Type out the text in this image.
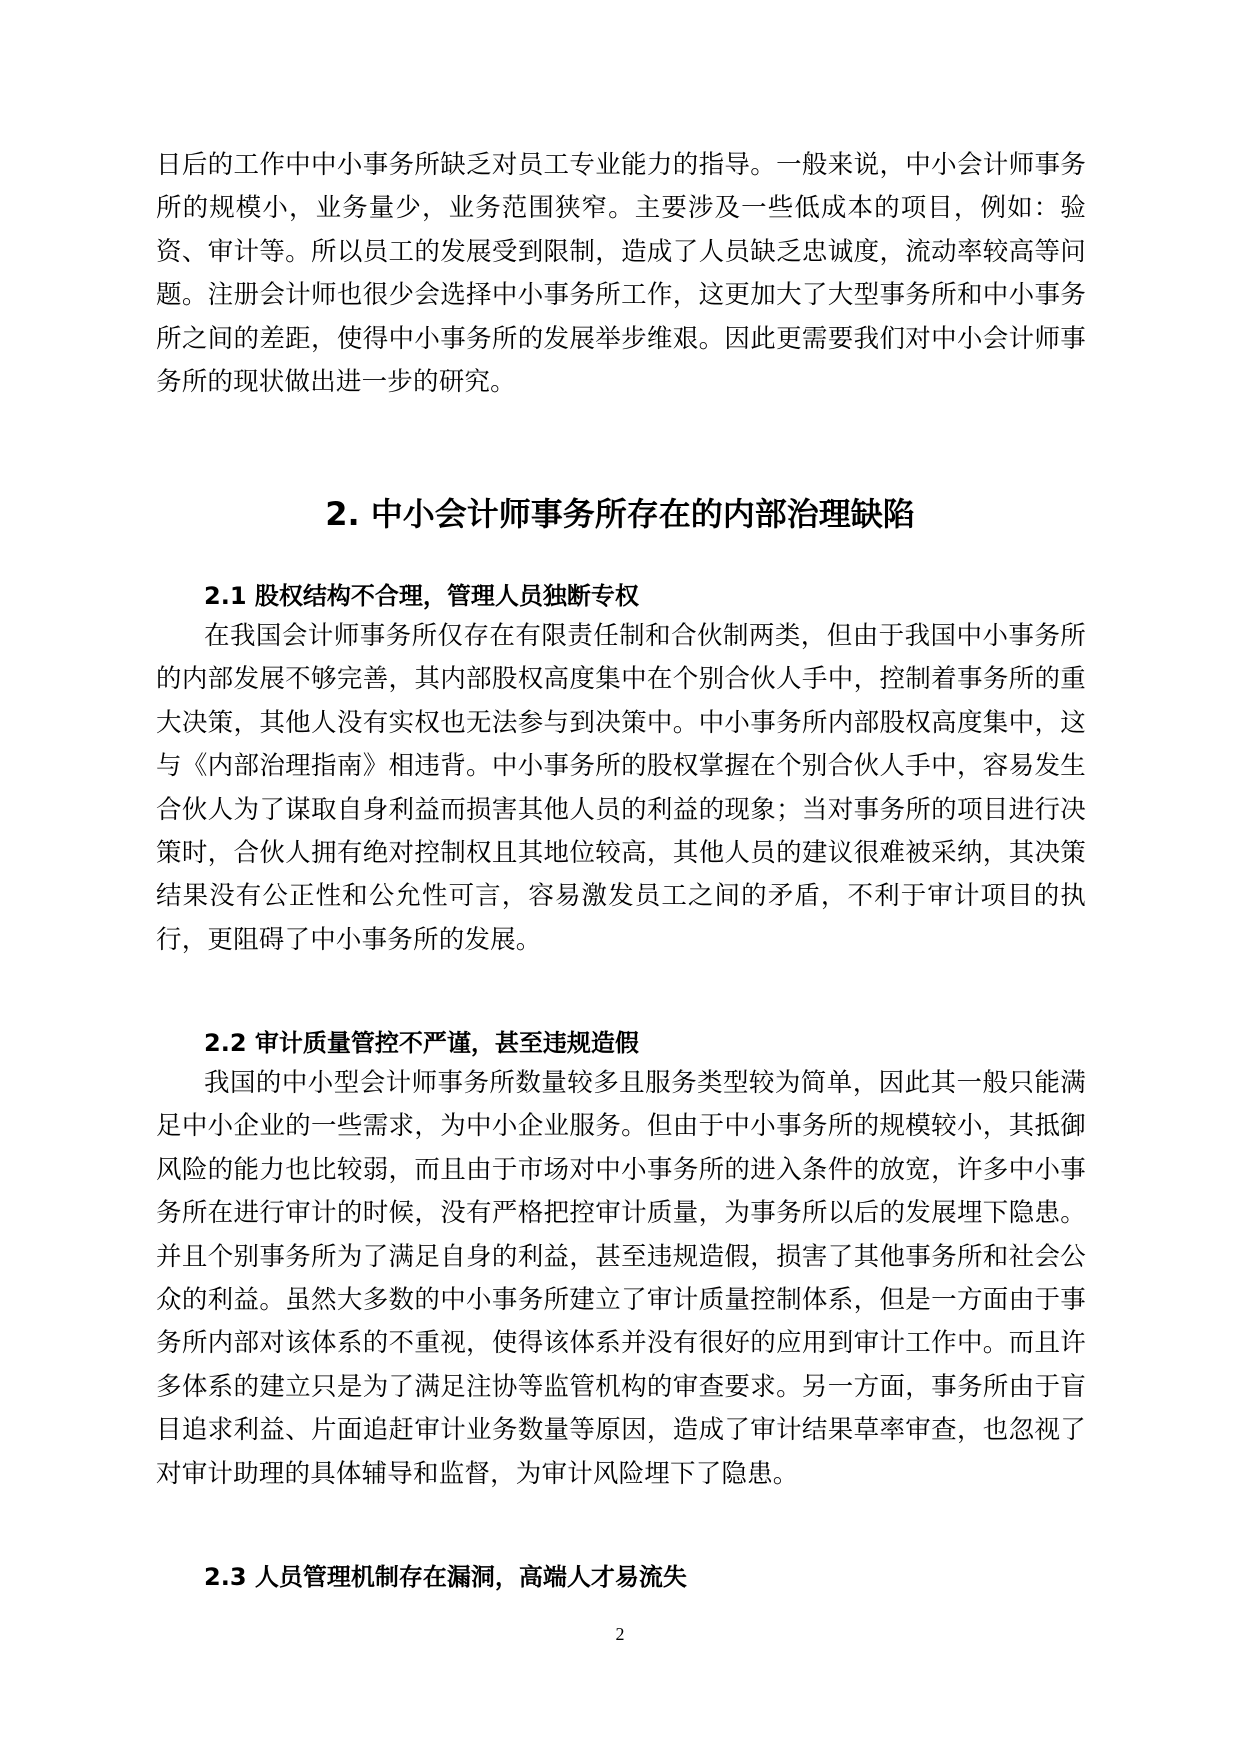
日后的工作中中小事务所缺乏对员工专业能力的指导。一般来说，中小会计师事务所的规模小，业务量少，业务范围狭窄。主要涉及一些低成本的项目，例如：验资、审计等。所以员工的发展受到限制，造成了人员缺乏忠诚度，流动率较高等问题。注册会计师也很少会选择中小事务所工作，这更加大了大型事务所和中小事务所之间的差距，使得中小事务所的发展举步维艰。因此更需要我们对中小会计师事务所的现状做出进一步的研究。

2. 中小会计师事务所存在的内部治理缺陷
2.1 股权结构不合理，管理人员独断专权

在我国会计师事务所仅存在有限责任制和合伙制两类，但由于我国中小事务所的内部发展不够完善，其内部股权高度集中在个别合伙人手中，控制着事务所的重大决策，其他人没有实权也无法参与到决策中。中小事务所内部股权高度集中，这与《内部治理指南》相违背。中小事务所的股权掌握在个别合伙人手中，容易发生合伙人为了谋取自身利益而损害其他人员的利益的现象；当对事务所的项目进行决策时，合伙人拥有绝对控制权且其地位较高，其他人员的建议很难被采纳，其决策结果没有公正性和公允性可言，容易激发员工之间的矛盾，不利于审计项目的执行，更阻碍了中小事务所的发展。

2.2 审计质量管控不严谨，甚至违规造假

我国的中小型会计师事务所数量较多且服务类型较为简单，因此其一般只能满足中小企业的一些需求，为中小企业服务。但由于中小事务所的规模较小，其抵御风险的能力也比较弱，而且由于市场对中小事务所的进入条件的放宽，许多中小事务所在进行审计的时候，没有严格把控审计质量，为事务所以后的发展埋下隐患。并且个别事务所为了满足自身的利益，甚至违规造假，损害了其他事务所和社会公众的利益。虽然大多数的中小事务所建立了审计质量控制体系，但是一方面由于事务所内部对该体系的不重视，使得该体系并没有很好的应用到审计工作中。而且许多体系的建立只是为了满足注协等监管机构的审查要求。另一方面，事务所由于盲目追求利益、片面追赶审计业务数量等原因，造成了审计结果草率审查，也忽视了对审计助理的具体辅导和监督，为审计风险埋下了隐患。

2.3 人员管理机制存在漏洞，高端人才易流失
2
